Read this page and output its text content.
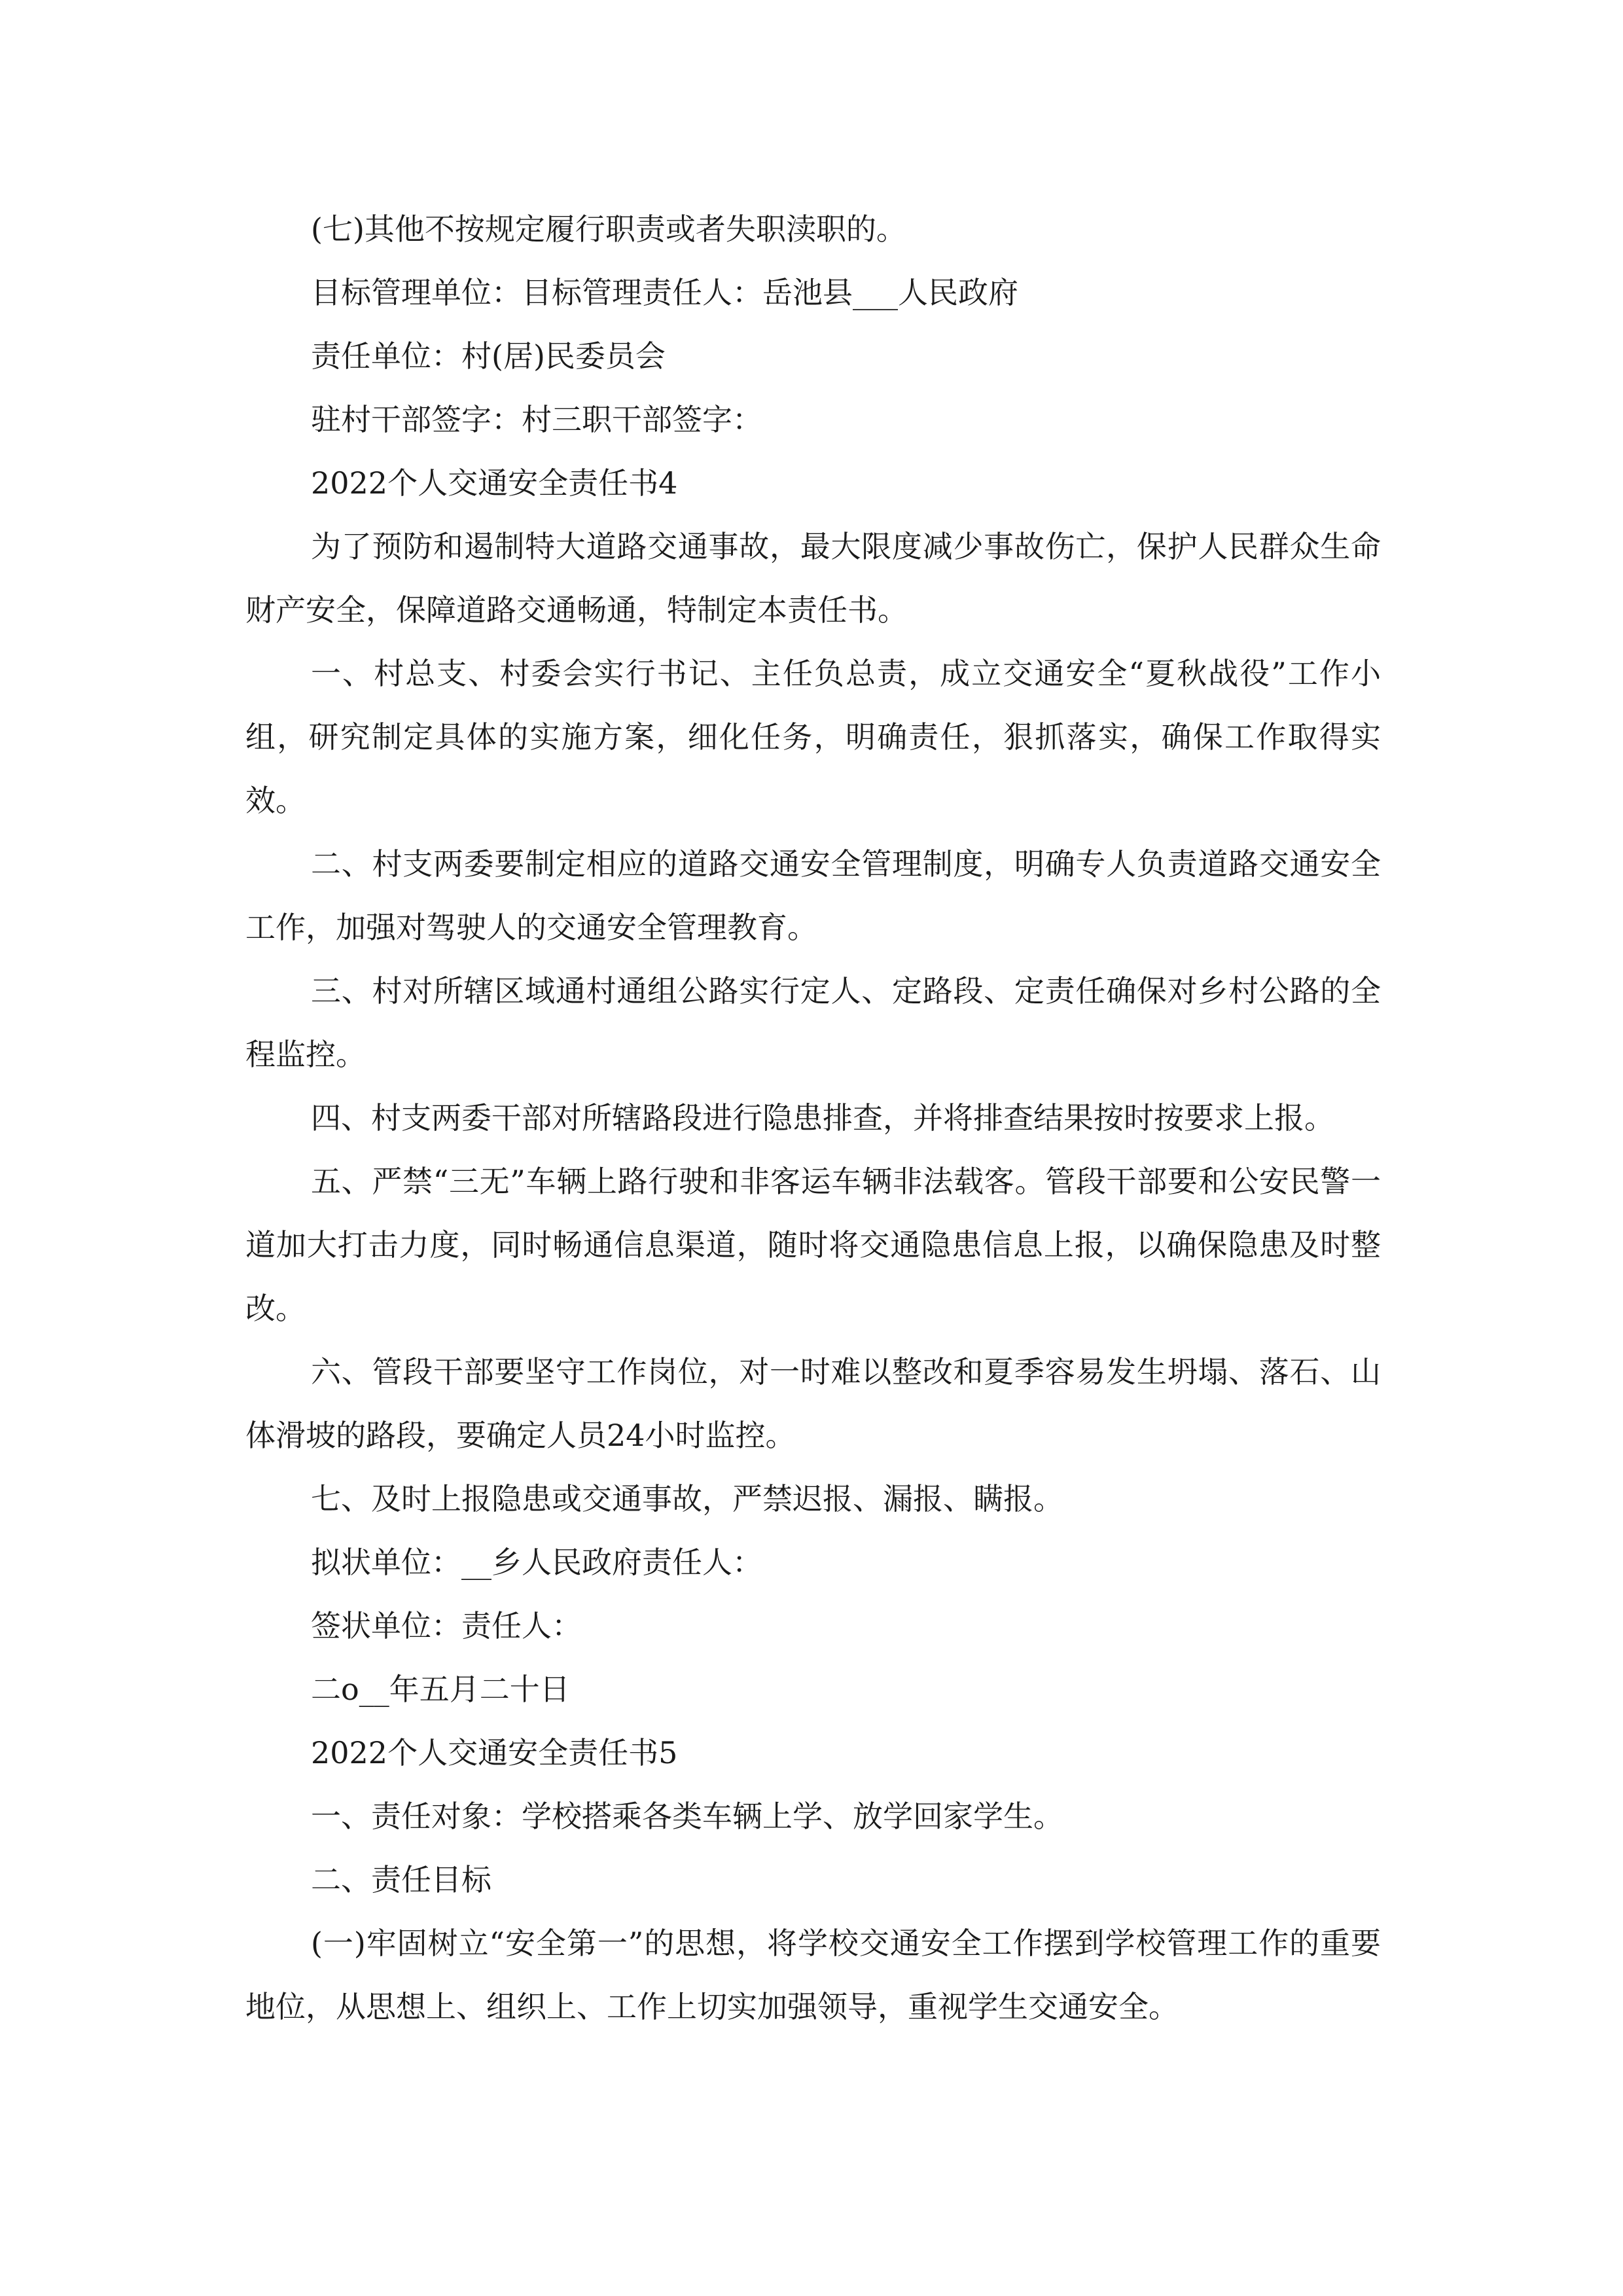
(七)其他不按规定履行职责或者失职渎职的。

目标管理单位：目标管理责任人：岳池县___人民政府

责任单位：村(居)民委员会

驻村干部签字：村三职干部签字：

2022个人交通安全责任书4

为了预防和遏制特大道路交通事故，最大限度减少事故伤亡，保护人民群众生命财产安全，保障道路交通畅通，特制定本责任书。

一、村总支、村委会实行书记、主任负总责，成立交通安全“夏秋战役”工作小组，研究制定具体的实施方案，细化任务，明确责任，狠抓落实，确保工作取得实效。

二、村支两委要制定相应的道路交通安全管理制度，明确专人负责道路交通安全工作，加强对驾驶人的交通安全管理教育。

三、村对所辖区域通村通组公路实行定人、定路段、定责任确保对乡村公路的全程监控。

四、村支两委干部对所辖路段进行隐患排查，并将排查结果按时按要求上报。

五、严禁“三无”车辆上路行驶和非客运车辆非法载客。管段干部要和公安民警一道加大打击力度，同时畅通信息渠道，随时将交通隐患信息上报，以确保隐患及时整改。

六、管段干部要坚守工作岗位，对一时难以整改和夏季容易发生坍塌、落石、山体滑坡的路段，要确定人员24小时监控。

七、及时上报隐患或交通事故，严禁迟报、漏报、瞒报。

拟状单位：__乡人民政府责任人：

签状单位：责任人：

二o__年五月二十日

2022个人交通安全责任书5

一、责任对象：学校搭乘各类车辆上学、放学回家学生。

二、责任目标

(一)牢固树立“安全第一”的思想，将学校交通安全工作摆到学校管理工作的重要地位，从思想上、组织上、工作上切实加强领导，重视学生交通安全。
